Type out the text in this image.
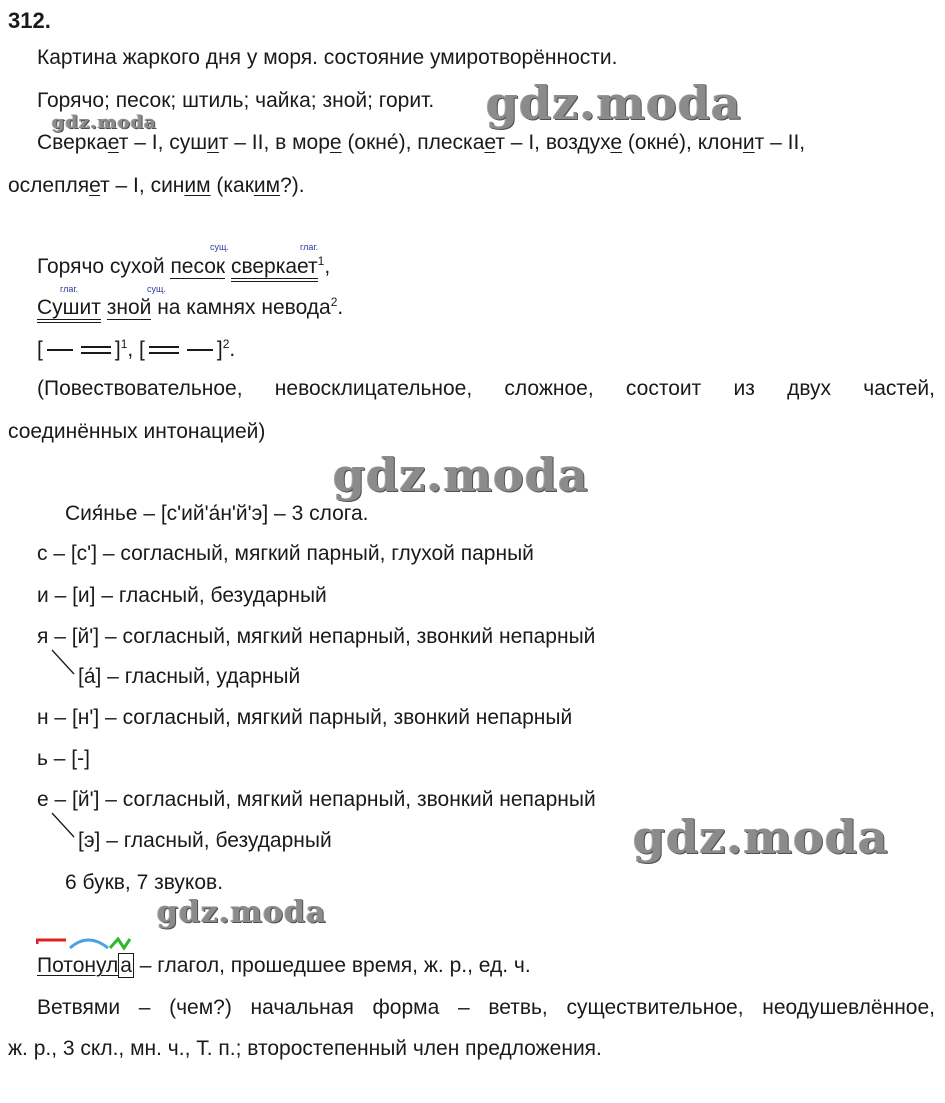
312.
Картина жаркого дня у моря. состояние умиротворённости.
Горячо; песок; штиль; чайка; зной; горит.
Сверкает – I, сушит – II, в море (окне́), плескает – I, воздухе (окне́), клонит – II,
ослепляет – I, синим (каким?).
сущ.	глаг.
Горячо сухой песок сверкает$^1$,
глаг.	сущ.
Сушит зной на камнях невода$^2$.
[	]$^1$, [	]$^2$.
(Повествовательное, невосклицательное, сложное, состоит из двух частей,
соединённых интонацией)
Сия́нье – [с'ий'а́н'й'э] – 3 слога.
с – [с'] – согласный, мягкий парный, глухой парный
и – [и] – гласный, безударный
я – [й'] – согласный, мягкий непарный, звонкий непарный
[а́] – гласный, ударный
н – [н'] – согласный, мягкий парный, звонкий непарный
ь – [-]
е – [й'] – согласный, мягкий непарный, звонкий непарный
[э] – гласный, безударный
6 букв, 7 звуков.
Потонула – глагол, прошедшее время, ж. р., ед. ч.
Ветвями – (чем?) начальная форма – ветвь, существительное, неодушевлённое,
ж. р., 3 скл., мн. ч., Т. п.; второстепенный член предложения.
gdz.moda
gdz.moda
gdz.moda
gdz.moda
gdz.moda
